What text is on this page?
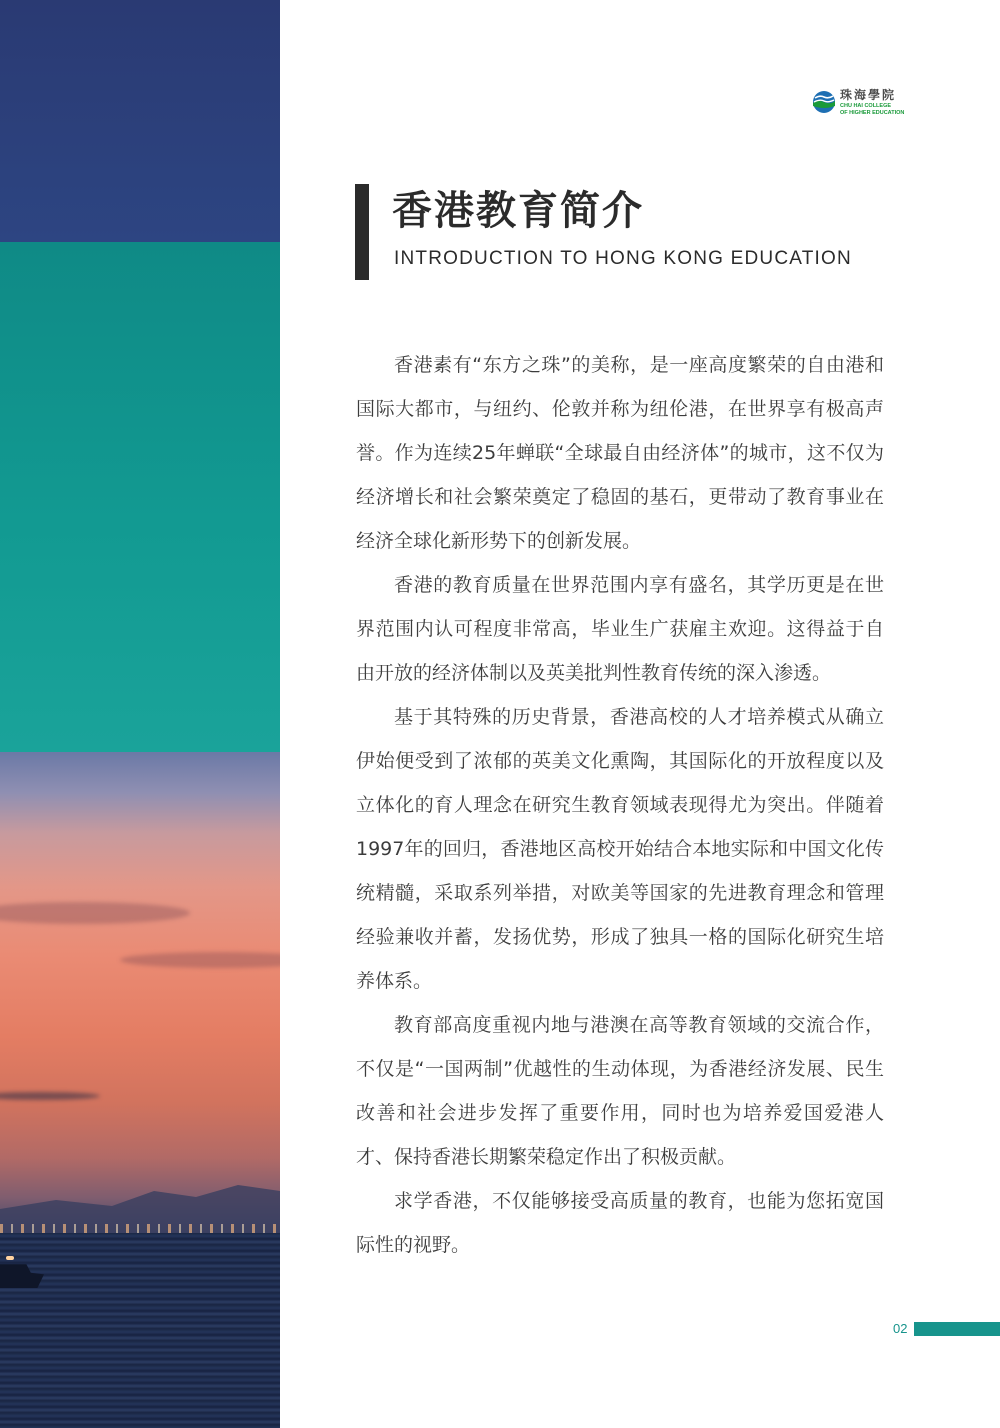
珠海學院
CHU HAI COLLEGE
OF HIGHER EDUCATION
香港教育简介
INTRODUCTION TO HONG KONG EDUCATION

香港素有“东方之珠”的美称，是一座高度繁荣的自由港和国际大都市，与纽约、伦敦并称为纽伦港，在世界享有极高声誉。作为连续25年蝉联“全球最自由经济体”的城市，这不仅为经济增长和社会繁荣奠定了稳固的基石，更带动了教育事业在经济全球化新形势下的创新发展。

香港的教育质量在世界范围内享有盛名，其学历更是在世界范围内认可程度非常高，毕业生广获雇主欢迎。这得益于自由开放的经济体制以及英美批判性教育传统的深入渗透。

基于其特殊的历史背景，香港高校的人才培养模式从确立伊始便受到了浓郁的英美文化熏陶，其国际化的开放程度以及立体化的育人理念在研究生教育领域表现得尤为突出。伴随着1997年的回归，香港地区高校开始结合本地实际和中国文化传统精髓，采取系列举措，对欧美等国家的先进教育理念和管理经验兼收并蓄，发扬优势，形成了独具一格的国际化研究生培养体系。

教育部高度重视内地与港澳在高等教育领域的交流合作，不仅是“一国两制”优越性的生动体现，为香港经济发展、民生改善和社会进步发挥了重要作用，同时也为培养爱国爱港人才、保持香港长期繁荣稳定作出了积极贡献。

求学香港，不仅能够接受高质量的教育，也能为您拓宽国际性的视野。

02
